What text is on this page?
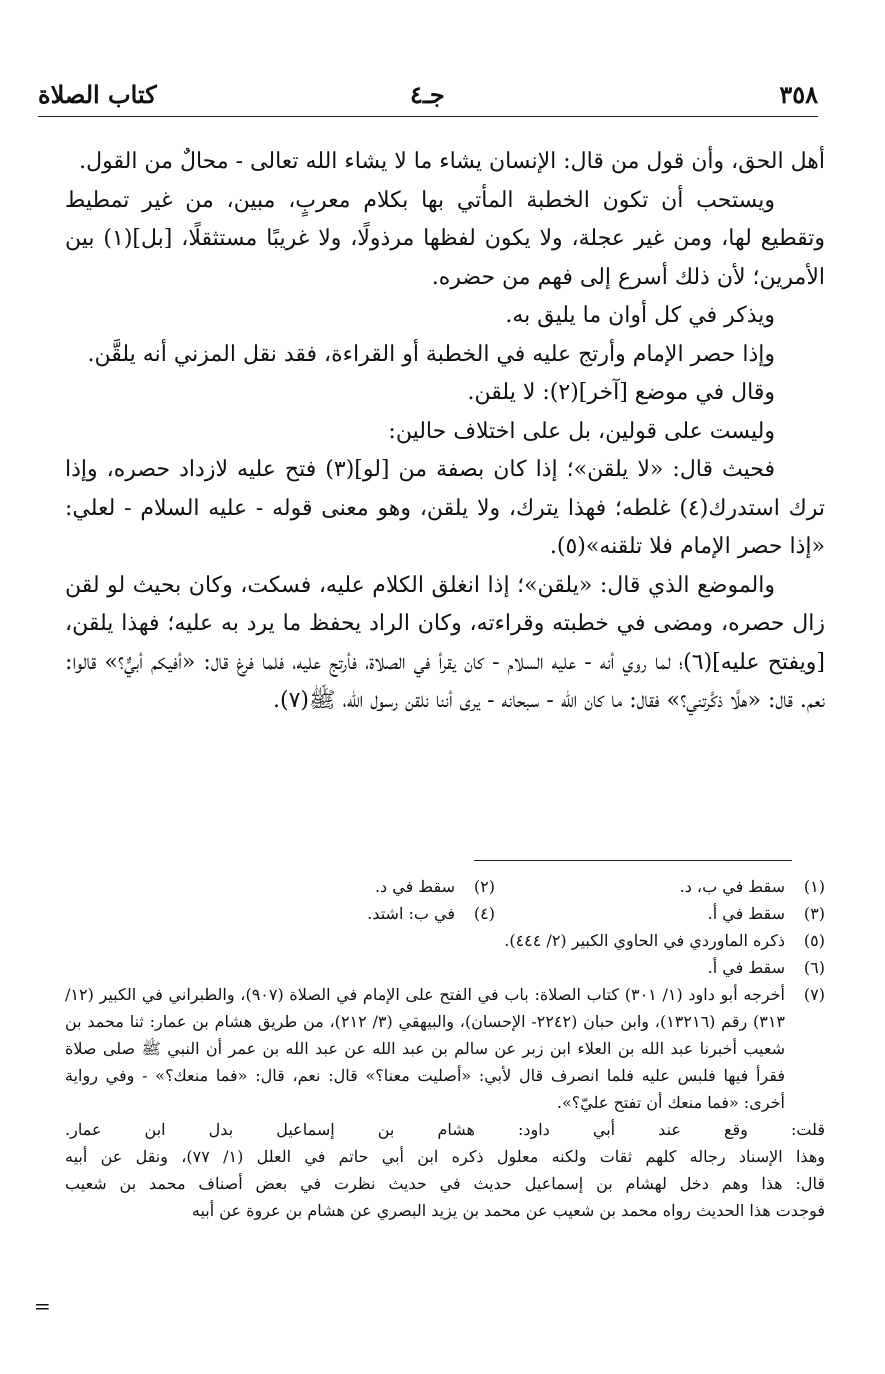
٣٥٨
جـ٤
كتاب الصلاة

أهل الحق، وأن قول من قال: الإنسان يشاء ما لا يشاء الله تعالى - محالٌ من القول.

ويستحب أن تكون الخطبة المأتي بها بكلام معربٍ، مبين، من غير تمطيط وتقطيع لها، ومن غير عجلة، ولا يكون لفظها مرذولًا، ولا غريبًا مستثقلًا، [بل](١) بين الأمرين؛ لأن ذلك أسرع إلى فهم من حضره.

ويذكر في كل أوان ما يليق به.

وإذا حصر الإمام وأرتج عليه في الخطبة أو القراءة، فقد نقل المزني أنه يلقَّن.

وقال في موضع [آخر](٢): لا يلقن.

وليست على قولين، بل على اختلاف حالين:

فحيث قال: «لا يلقن»؛ إذا كان بصفة من [لو](٣) فتح عليه لازداد حصره، وإذا ترك استدرك(٤) غلطه؛ فهذا يترك، ولا يلقن، وهو معنى قوله - عليه السلام - لعلي: «إذا حصر الإمام فلا تلقنه»(٥).

والموضع الذي قال: «يلقن»؛ إذا انغلق الكلام عليه، فسكت، وكان بحيث لو لقن زال حصره، ومضى في خطبته وقراءته، وكان الراد يحفظ ما يرد به عليه؛ فهذا يلقن، [ويفتح عليه](٦)؛ لما روي أنه - عليه السلام - كان يقرأ في الصلاة، فأرتج عليه، فلما فرغ قال: «أفيكم أبيٌّ؟» قالوا: نعم. قال: «هلَّا ذكَّرتني؟» فقال: ما كان الله - سبحانه - يرى أننا نلقن رسول الله، ﷺ(٧).

(١)
سقط في ب، د.
(٢)
سقط في د.
(٣)
سقط في أ.
(٤)
في ب: اشتد.
(٥)
ذكره الماوردي في الحاوي الكبير (٢/ ٤٤٤).
(٦)
سقط في أ.
(٧)
أخرجه أبو داود (١/ ٣٠١) كتاب الصلاة: باب في الفتح على الإمام في الصلاة (٩٠٧)، والطبراني في الكبير (١٢/ ٣١٣) رقم (١٣٢١٦)، وابن حبان (٢٢٤٢- الإحسان)، والبيهقي (٣/ ٢١٢)، من طريق هشام بن عمار: ثنا محمد بن شعيب أخبرنا عبد الله بن العلاء ابن زبر عن سالم بن عبد الله عن عبد الله بن عمر أن النبي ﷺ صلى صلاة فقرأ فيها فلبس عليه فلما انصرف قال لأبي: «أصليت معنا؟» قال: نعم، قال: «فما منعك؟» - وفي رواية أخرى: «فما منعك أن تفتح عليّ؟».
قلت: وقع عند أبي داود: هشام بن إسماعيل بدل ابن عمار.
وهذا الإسناد رجاله كلهم ثقات ولكنه معلول ذكره ابن أبي حاتم في العلل (١/ ٧٧)، ونقل عن أبيه
قال: هذا وهم دخل لهشام بن إسماعيل حديث في حديث نظرت في بعض أصناف محمد بن شعيب
فوجدت هذا الحديث رواه محمد بن شعيب عن محمد بن يزيد البصري عن هشام بن عروة عن أبيه
=
